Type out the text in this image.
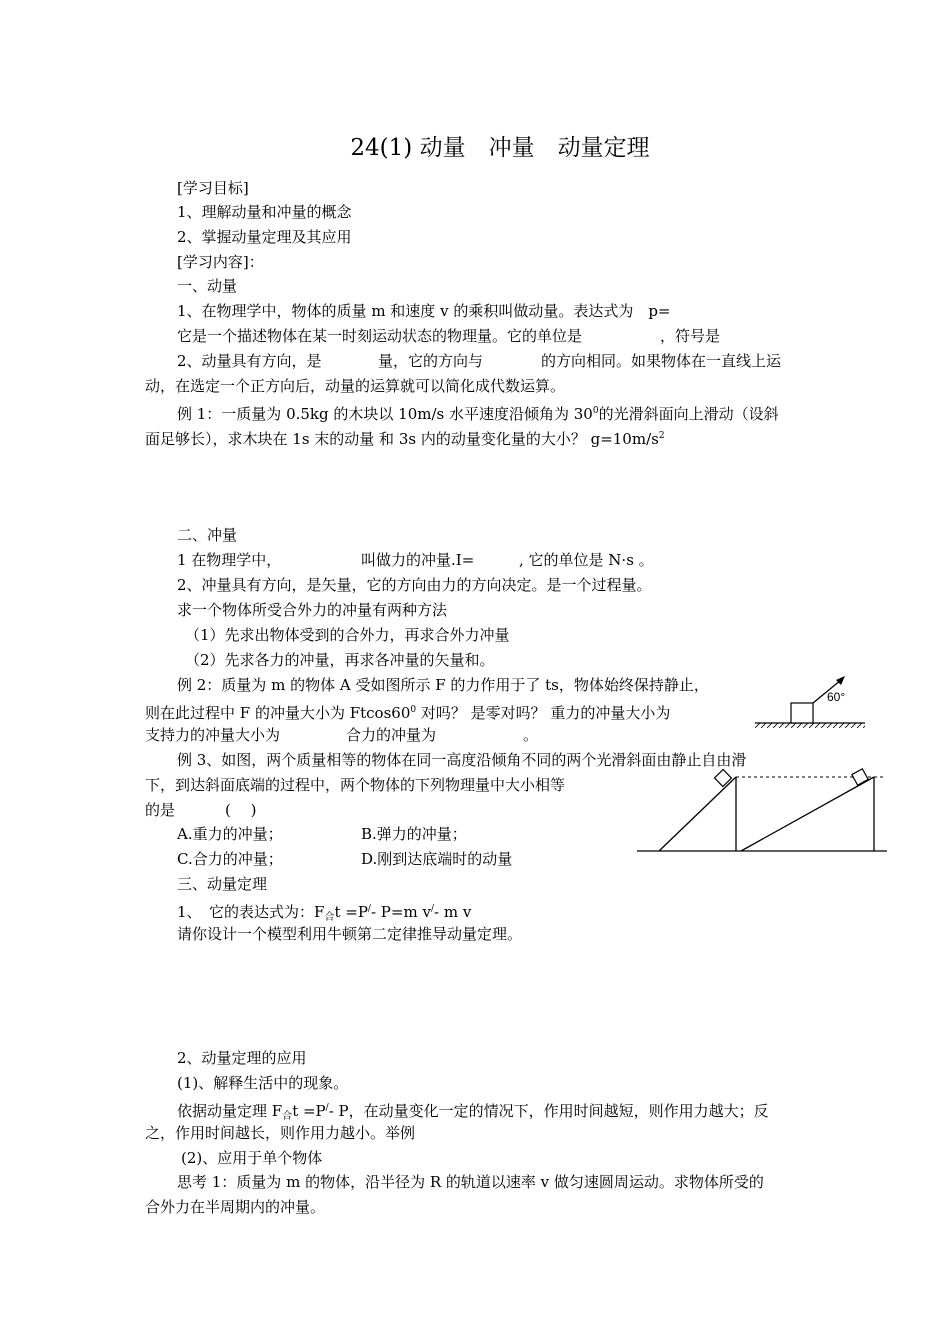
24(1) 动量　冲量　动量定理
[学习目标]
1、理解动量和冲量的概念
2、掌握动量定理及其应用
[学习内容]：
一、动量
1、在物理学中，物体的质量 m 和速度 v 的乘积叫做动量。表达式为　p=
它是一个描述物体在某一时刻运动状态的物理量。它的单位是	，符号是
2、动量具有方向，是	量，它的方向与	的方向相同。如果物体在一直线上运
动，在选定一个正方向后，动量的运算就可以简化成代数运算。
例 1：一质量为 0.5kg 的木块以 10m/s 水平速度沿倾角为 $30^0$的光滑斜面向上滑动（设斜
面足够长），求木块在 1s 末的动量 和 3s 内的动量变化量的大小？ $g=10m/s^2$
二、冲量
1 在物理学中，	叫做力的冲量.I=	, 它的单位是 N·s 。
2、冲量具有方向，是矢量，它的方向由力的方向决定。是一个过程量。
求一个物体所受合外力的冲量有两种方法
（1）先求出物体受到的合外力，再求合外力冲量
（2）先求各力的冲量，再求各冲量的矢量和。
例 2：质量为 m 的物体 A 受如图所示 F 的力作用于了 ts，物体始终保持静止，
则在此过程中 F 的冲量大小为 $Ftcos60^0$ 对吗？ 是零对吗？ 重力的冲量大小为
支持力的冲量大小为	合力的冲量为	。
60°
例 3、如图，两个质量相等的物体在同一高度沿倾角不同的两个光滑斜面由静止自由滑
下，到达斜面底端的过程中，两个物体的下列物理量中大小相等
的是	(　 )
A.重力的冲量；	B.弹力的冲量；
C.合力的冲量；	D.刚到达底端时的动量
三、动量定理
1、　它的表达式为：$F_合t =P^/-$ P=m v/- m v
请你设计一个模型利用牛顿第二定律推导动量定理。
2、动量定理的应用
(1)、解释生活中的现象。
依据动量定理 $F_合t =P^/-$ P，在动量变化一定的情况下，作用时间越短，则作用力越大；反
之，作用时间越长，则作用力越小。举例
(2)、应用于单个物体
思考 1：质量为 m 的物体，沿半径为 R 的轨道以速率 v 做匀速圆周运动。求物体所受的
合外力在半周期内的冲量。
